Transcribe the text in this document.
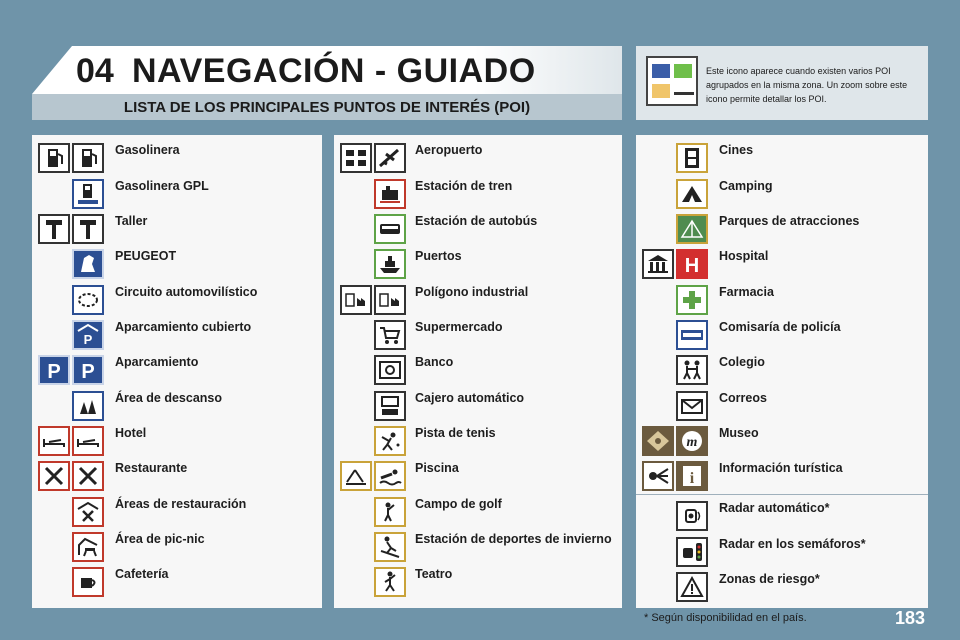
04 NAVEGACIÓN - GUIADO
LISTA DE LOS PRINCIPALES PUNTOS DE INTERÉS (POI)
Este icono aparece cuando existen varios POI agrupados en la misma zona. Un zoom sobre este icono permite detallar los POI.
Gasolinera
Gasolinera GPL
Taller
PEUGEOT
Circuito automovilístico
P
Aparcamiento cubierto
P P Aparcamiento
Área de descanso
Hotel
Restaurante
Áreas de restauración
Área de pic-nic
Cafetería
Aeropuerto
Estación de tren
Estación de autobús
Puertos
Polígono industrial
Supermercado
Banco
Cajero automático
Pista de tenis
Piscina
Campo de golf
Estación de deportes de invierno
Teatro
Cines
Camping
Parques de atracciones
H Hospital
Farmacia
Comisaría de policía
Colegio
Correos
m
Museo
i
Información turística
Radar automático*
Radar en los semáforos*
Zonas de riesgo*
* Según disponibilidad en el país.	183
